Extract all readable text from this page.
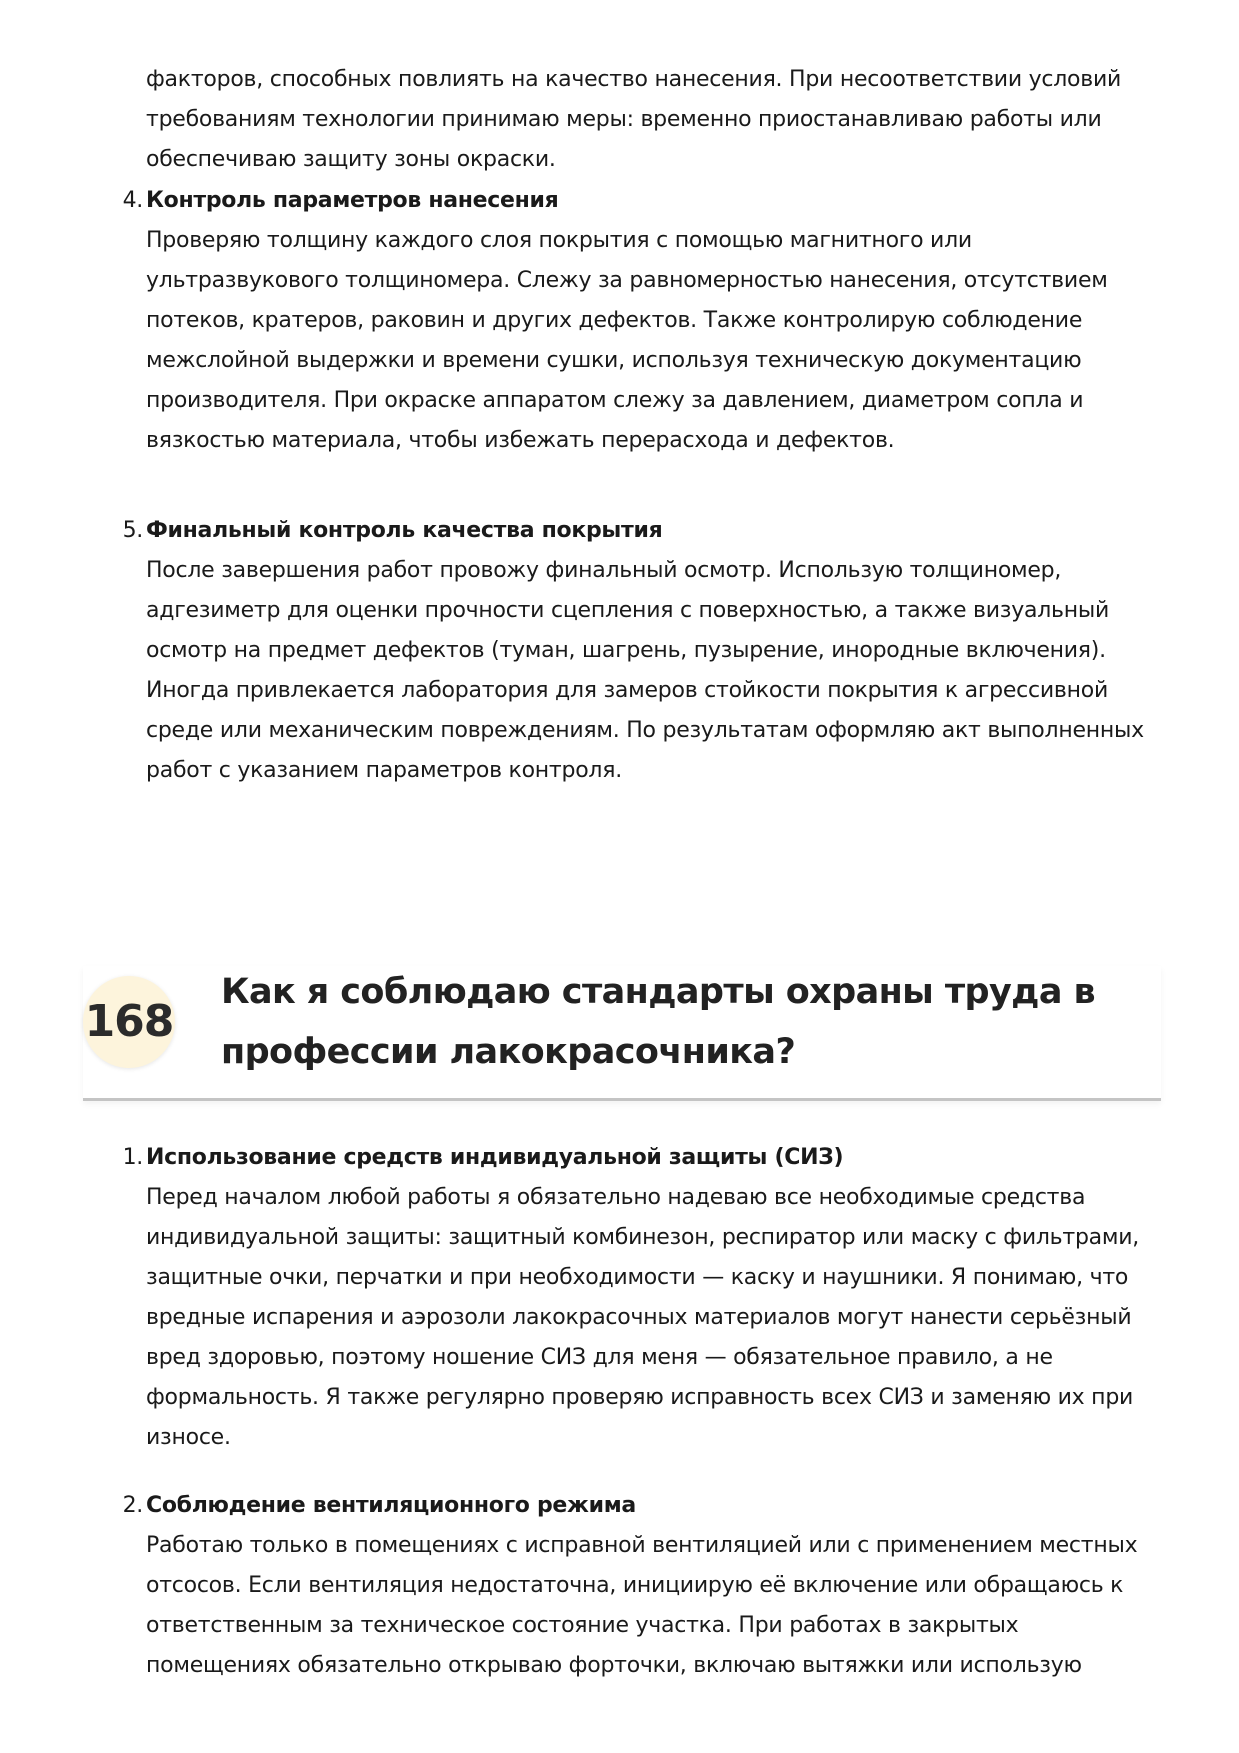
факторов, способных повлиять на качество нанесения. При несоответствии условий требованиям технологии принимаю меры: временно приостанавливаю работы или обеспечиваю защиту зоны окраски.

4. Контроль параметров нанесения
Проверяю толщину каждого слоя покрытия с помощью магнитного или ультразвукового толщиномера. Слежу за равномерностью нанесения, отсутствием потеков, кратеров, раковин и других дефектов. Также контролирую соблюдение межслойной выдержки и времени сушки, используя техническую документацию производителя. При окраске аппаратом слежу за давлением, диаметром сопла и вязкостью материала, чтобы избежать перерасхода и дефектов.
5. Финальный контроль качества покрытия
После завершения работ провожу финальный осмотр. Использую толщиномер, адгезиметр для оценки прочности сцепления с поверхностью, а также визуальный осмотр на предмет дефектов (туман, шагрень, пузырение, инородные включения). Иногда привлекается лаборатория для замеров стойкости покрытия к агрессивной среде или механическим повреждениям. По результатам оформляю акт выполненных работ с указанием параметров контроля.
168
Как я соблюдаю стандарты охраны труда в профессии лакокрасочника?
1. Использование средств индивидуальной защиты (СИЗ)
Перед началом любой работы я обязательно надеваю все необходимые средства индивидуальной защиты: защитный комбинезон, респиратор или маску с фильтрами, защитные очки, перчатки и при необходимости — каску и наушники. Я понимаю, что вредные испарения и аэрозоли лакокрасочных материалов могут нанести серьёзный вред здоровью, поэтому ношение СИЗ для меня — обязательное правило, а не формальность. Я также регулярно проверяю исправность всех СИЗ и заменяю их при износе.
2. Соблюдение вентиляционного режима
Работаю только в помещениях с исправной вентиляцией или с применением местных отсосов. Если вентиляция недостаточна, инициирую её включение или обращаюсь к ответственным за техническое состояние участка. При работах в закрытых помещениях обязательно открываю форточки, включаю вытяжки или использую
